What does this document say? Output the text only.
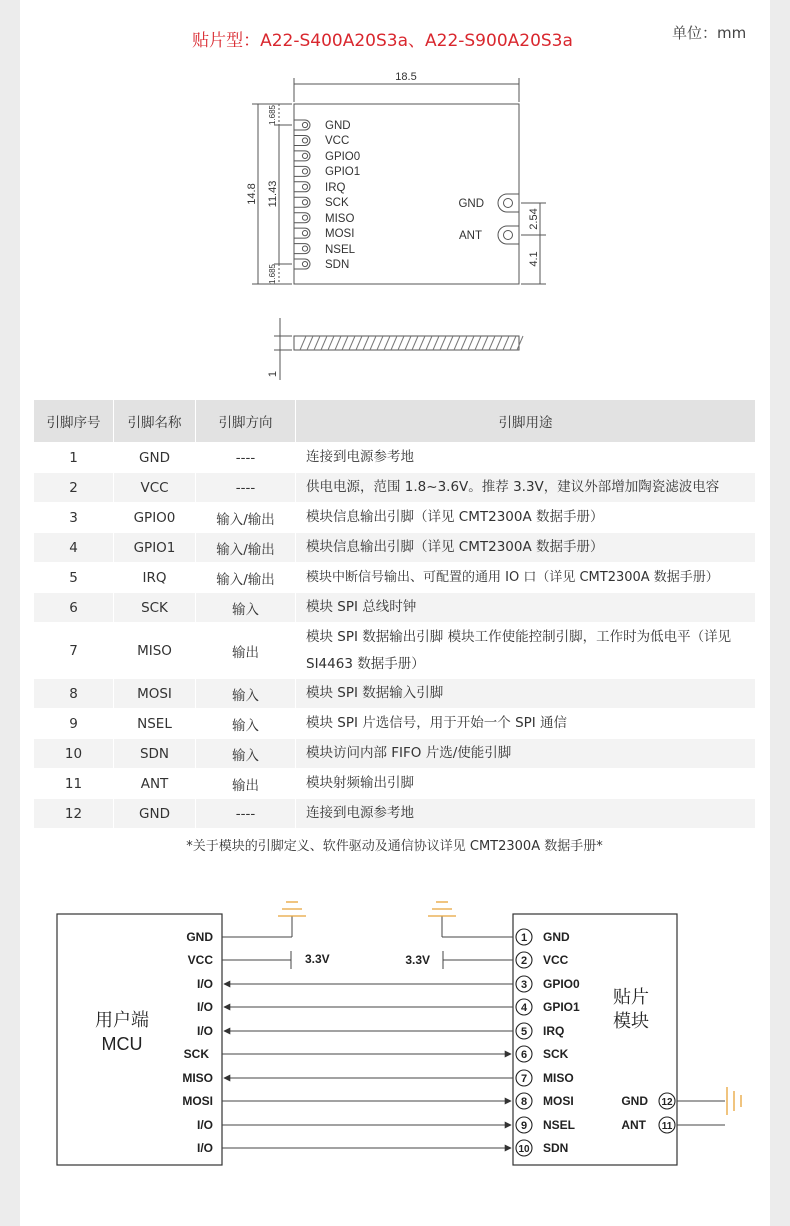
贴片型：A22-S400A20S3a、A22-S900A20S3a	单位：mm
18.5
14.8 11.43
1.685
1.685
2.54
4.1
1
GND
VCC
GPIO0
GPIO1
IRQ
SCK
MISO
MOSI
NSEL
SDN
GND
ANT
引脚序号	引脚名称	引脚方向	引脚用途
1	GND	----	连接到电源参考地
2	VCC	----	供电电源，范围 1.8~3.6V。推荐 3.3V，建议外部增加陶瓷滤波电容
3	GPIO0	输入/输出	模块信息输出引脚（详见 CMT2300A 数据手册）
4	GPIO1	输入/输出	模块信息输出引脚（详见 CMT2300A 数据手册）
5	IRQ	输入/输出	模块中断信号输出、可配置的通用 IO 口（详见 CMT2300A 数据手册）
6	SCK	输入	模块 SPI 总线时钟
7	MISO	输出	模块 SPI 数据输出引脚 模块工作使能控制引脚，工作时为低电平（详见 SI4463 数据手册）
8	MOSI	输入	模块 SPI 数据输入引脚
9	NSEL	输入	模块 SPI 片选信号，用于开始一个 SPI 通信
10	SDN	输入	模块访问内部 FIFO 片选/使能引脚
11	ANT	输出	模块射频输出引脚
12	GND	----	连接到电源参考地
*关于模块的引脚定义、软件驱动及通信协议详见 CMT2300A 数据手册*			
GND
VCC
I/O
I/O
I/O
SCK
MISO
MOSI
I/O
I/O
GND
VCC
GPIO0
GPIO1
IRQ
SCK
MISO
MOSI
NSEL
SDN
GND
ANT
3.3V	3.3V
用户端
MCU
贴片
模块
1
2
3
4
5
6
7
8
9
10
12
11
